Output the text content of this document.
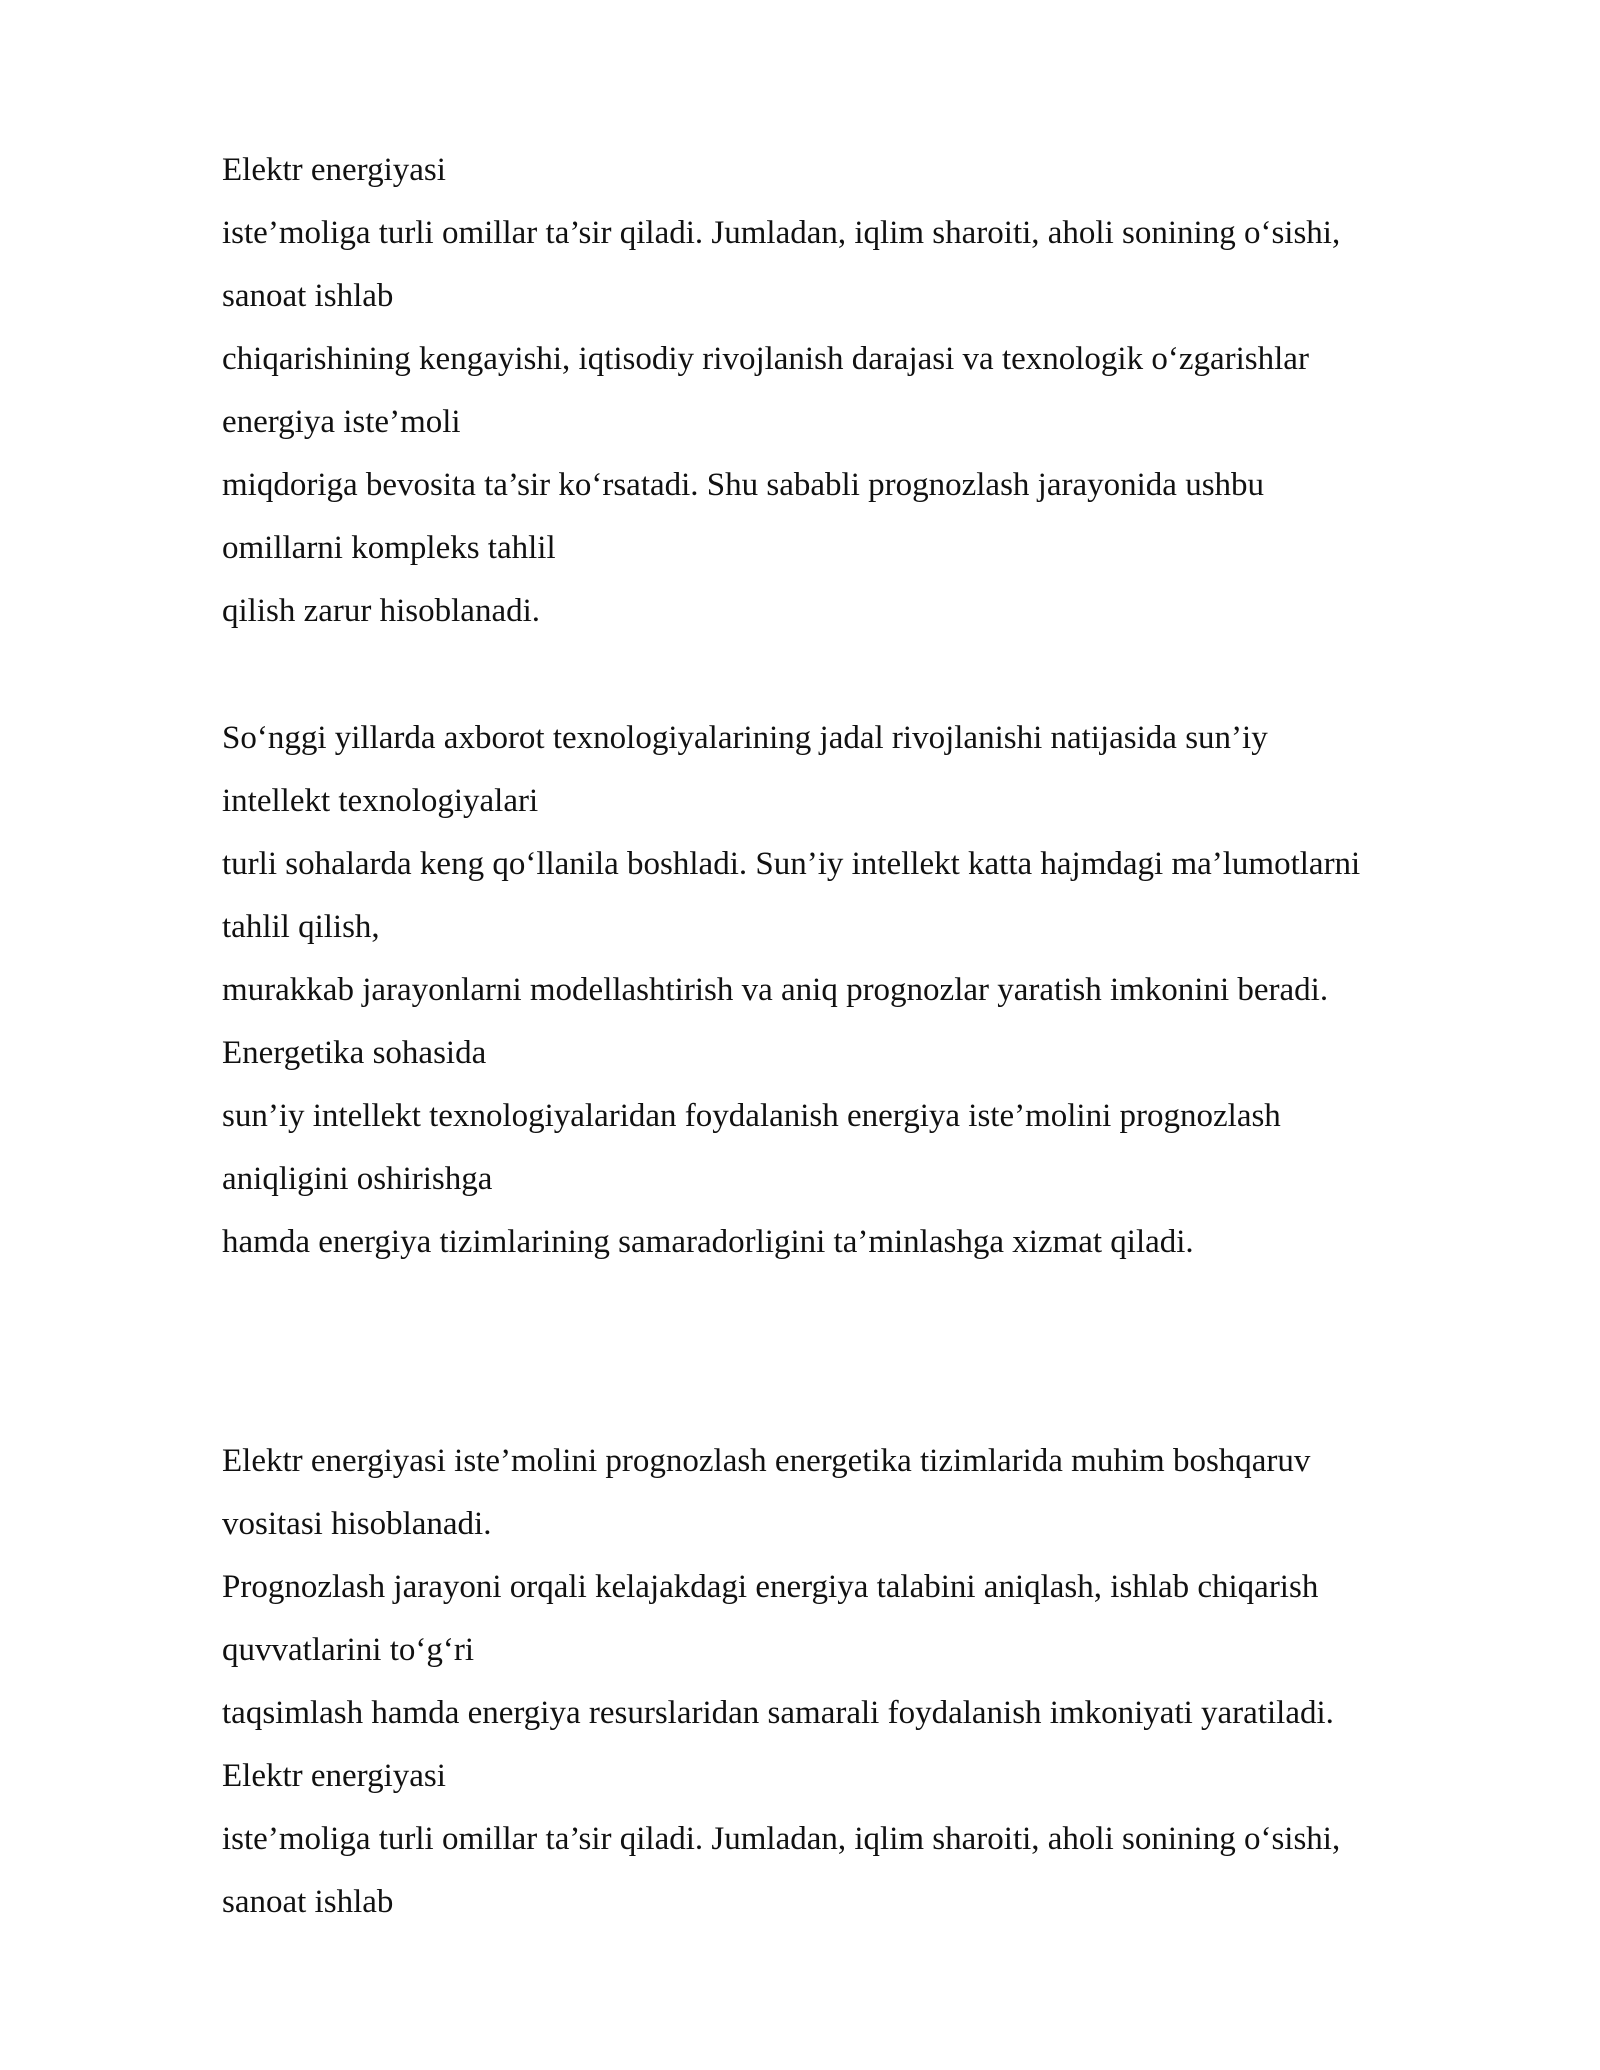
Elektr energiyasi
iste’moliga turli omillar ta’sir qiladi. Jumladan, iqlim sharoiti, aholi sonining o‘sishi,
sanoat ishlab
chiqarishining kengayishi, iqtisodiy rivojlanish darajasi va texnologik o‘zgarishlar
energiya iste’moli
miqdoriga bevosita ta’sir ko‘rsatadi. Shu sababli prognozlash jarayonida ushbu
omillarni kompleks tahlil
qilish zarur hisoblanadi.
So‘nggi yillarda axborot texnologiyalarining jadal rivojlanishi natijasida sun’iy
intellekt texnologiyalari
turli sohalarda keng qo‘llanila boshladi. Sun’iy intellekt katta hajmdagi ma’lumotlarni
tahlil qilish,
murakkab jarayonlarni modellashtirish va aniq prognozlar yaratish imkonini beradi.
Energetika sohasida
sun’iy intellekt texnologiyalaridan foydalanish energiya iste’molini prognozlash
aniqligini oshirishga
hamda energiya tizimlarining samaradorligini ta’minlashga xizmat qiladi.
Elektr energiyasi iste’molini prognozlash energetika tizimlarida muhim boshqaruv
vositasi hisoblanadi.
Prognozlash jarayoni orqali kelajakdagi energiya talabini aniqlash, ishlab chiqarish
quvvatlarini to‘g‘ri
taqsimlash hamda energiya resurslaridan samarali foydalanish imkoniyati yaratiladi.
Elektr energiyasi
iste’moliga turli omillar ta’sir qiladi. Jumladan, iqlim sharoiti, aholi sonining o‘sishi,
sanoat ishlab
